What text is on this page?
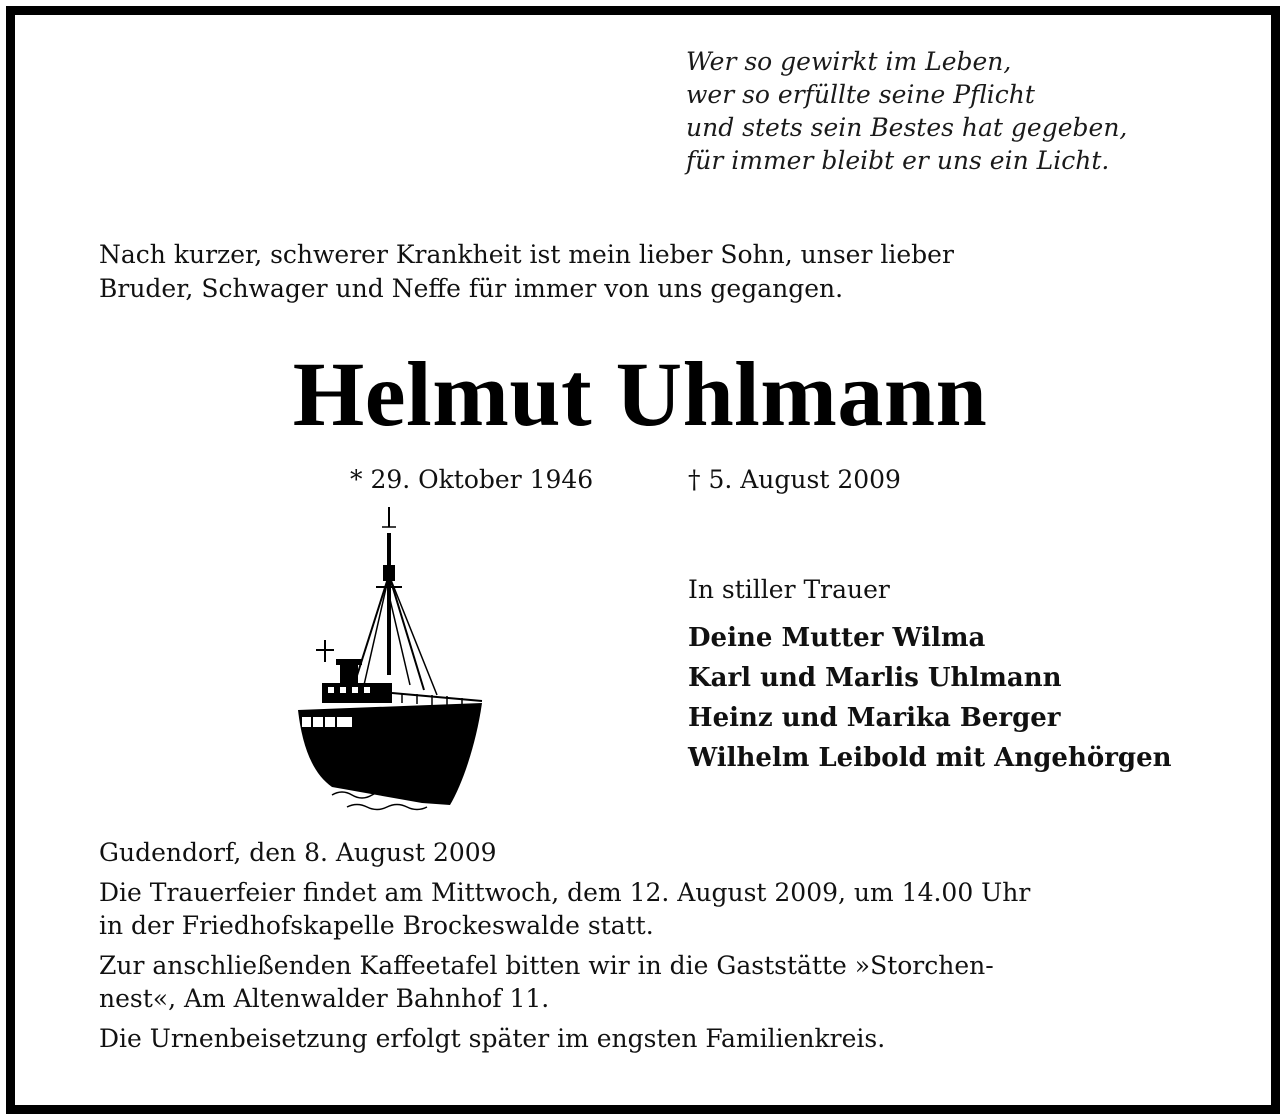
Wer so gewirkt im Leben,
wer so erfüllte seine Pflicht
und stets sein Bestes hat gegeben,
für immer bleibt er uns ein Licht.
Nach kurzer, schwerer Krankheit ist mein lieber Sohn, unser lieber
Bruder, Schwager und Neffe für immer von uns gegangen.
Helmut Uhlmann
* 29. Oktober 1946	† 5. August 2009
In stiller Trauer
Deine Mutter Wilma
Karl und Marlis Uhlmann
Heinz und Marika Berger
Wilhelm Leibold mit Angehörgen

Gudendorf, den 8. August 2009

Die Trauerfeier findet am Mittwoch, dem 12. August 2009, um 14.00 Uhr
in der Friedhofskapelle Brockeswalde statt.

Zur anschließenden Kaffeetafel bitten wir in die Gaststätte »Storchen-
nest«, Am Altenwalder Bahnhof 11.

Die Urnenbeisetzung erfolgt später im engsten Familienkreis.
